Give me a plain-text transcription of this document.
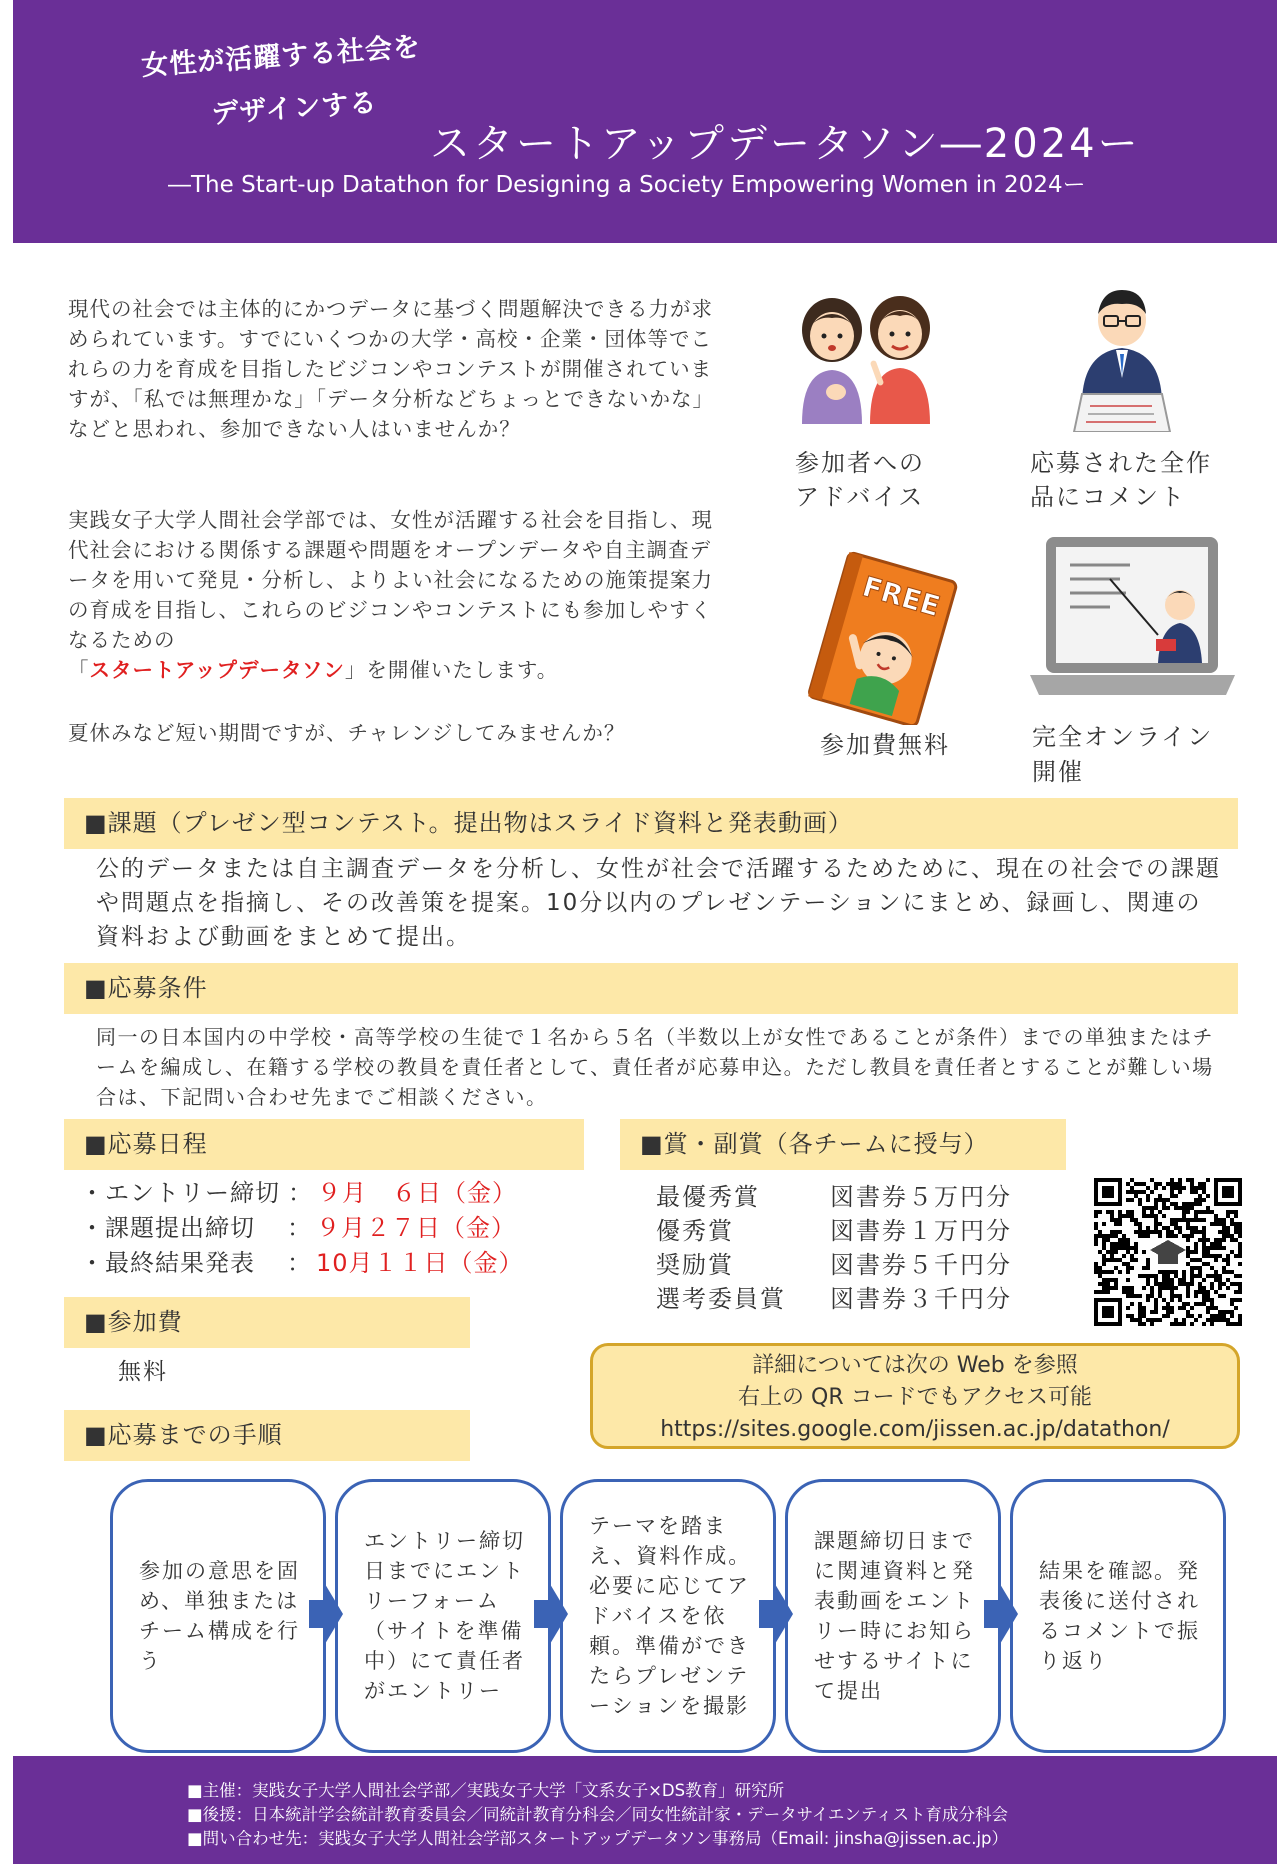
女性が活躍する社会を
デザインする
スタートアップデータソン―2024ー
―The Start-up Datathon for Designing a Society Empowering Women in 2024ー
現代の社会では主体的にかつデータに基づく問題解決できる力が求められています。すでにいくつかの大学・高校・企業・団体等でこれらの力を育成を目指したビジコンやコンテストが開催されていますが、「私では無理かな」「データ分析などちょっとできないかな」などと思われ、参加できない人はいませんか？
実践女子大学人間社会学部では、女性が活躍する社会を目指し、現代社会における関係する課題や問題をオープンデータや自主調査データを用いて発見・分析し、よりよい社会になるための施策提案力の育成を目指し、これらのビジコンやコンテストにも参加しやすくなるための
「スタートアップデータソン」を開催いたします。
夏休みなど短い期間ですが、チャレンジしてみませんか？
参加者への
アドバイス
応募された全作
品にコメント
FREE
参加費無料	完全オンライン
開催
■課題（プレゼン型コンテスト。提出物はスライド資料と発表動画）
公的データまたは自主調査データを分析し、女性が社会で活躍するためために、現在の社会での課題や問題点を指摘し、その改善策を提案。10分以内のプレゼンテーションにまとめ、録画し、関連の資料および動画をまとめて提出。
■応募条件
同一の日本国内の中学校・高等学校の生徒で１名から５名（半数以上が女性であることが条件）までの単独またはチームを編成し、在籍する学校の教員を責任者として、責任者が応募申込。ただし教員を責任者とすることが難しい場合は、下記問い合わせ先までご相談ください。
■応募日程
・エントリー締切 ： ９月　６日（金）
・課題提出締切 ： ９月２７日（金）
・最終結果発表 ： 10月１１日（金）
■賞・副賞（各チームに授与）
最優秀賞	図書券５万円分
優秀賞	図書券１万円分
奨励賞	図書券５千円分
選考委員賞 図書券３千円分
■参加費
無料	詳細については次の Web を参照
右上の QR コードでもアクセス可能
https://sites.google.com/jissen.ac.jp/datathon/
■応募までの手順
参加の意思を固め、単独またはチーム構成を行う
エントリー締切日までにエントリーフォーム（サイトを準備中）にて責任者がエントリー
テーマを踏まえ、資料作成。必要に応じてアドバイスを依頼。準備ができたらプレゼンテーションを撮影
課題締切日までに関連資料と発表動画をエントリー時にお知らせするサイトにて提出
結果を確認。発表後に送付されるコメントで振り返り
■主催：実践女子大学人間社会学部／実践女子大学「文系女子×DS教育」研究所
■後援：日本統計学会統計教育委員会／同統計教育分科会／同女性統計家・データサイエンティスト育成分科会
■問い合わせ先：実践女子大学人間社会学部スタートアップデータソン事務局（Email: jinsha@jissen.ac.jp）
